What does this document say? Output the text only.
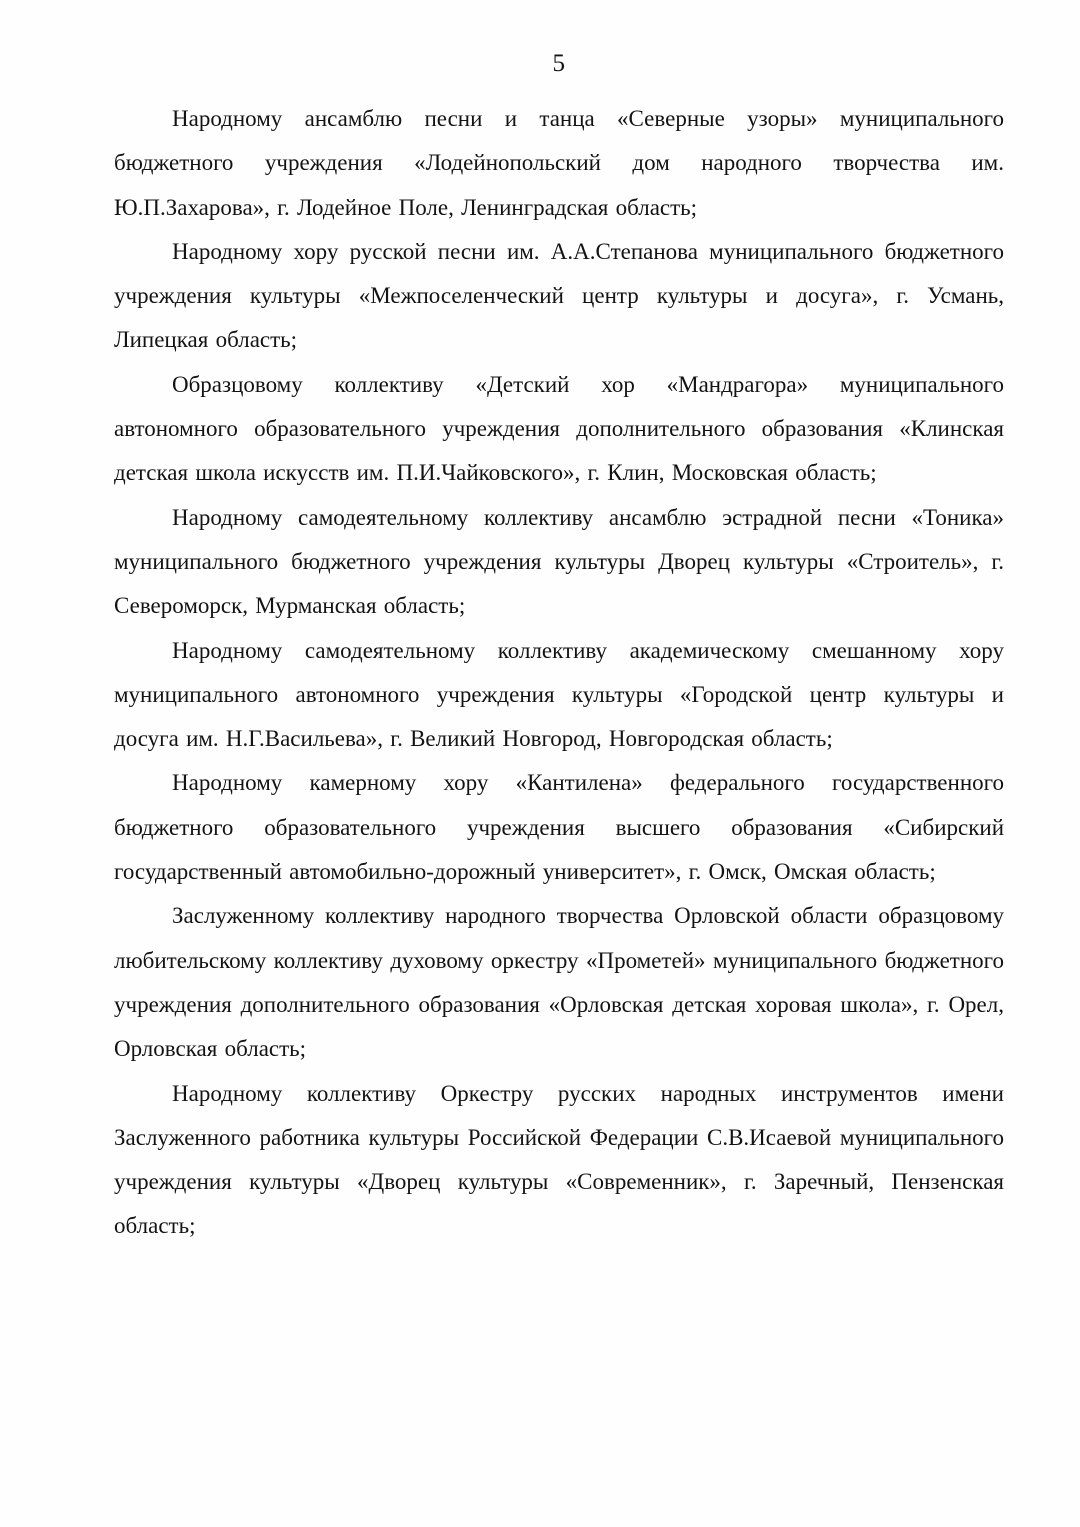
5

Народному ансамблю песни и танца «Северные узоры» муниципального бюджетного учреждения «Лодейнопольский дом народного творчества им. Ю.П.Захарова», г. Лодейное Поле, Ленинградская область;

Народному хору русской песни им. А.А.Степанова муниципального бюджетного учреждения культуры «Межпоселенческий центр культуры и досуга», г. Усмань, Липецкая область;

Образцовому коллективу «Детский хор «Мандрагора» муниципального автономного образовательного учреждения дополнительного образования «Клинская детская школа искусств им. П.И.Чайковского», г. Клин, Московская область;

Народному самодеятельному коллективу ансамблю эстрадной песни «Тоника» муниципального бюджетного учреждения культуры Дворец культуры «Строитель», г. Североморск, Мурманская область;

Народному самодеятельному коллективу академическому смешанному хору муниципального автономного учреждения культуры «Городской центр культуры и досуга им. Н.Г.Васильева», г. Великий Новгород, Новгородская область;

Народному камерному хору «Кантилена» федерального государственного бюджетного образовательного учреждения высшего образования «Сибирский государственный автомобильно-дорожный университет», г. Омск, Омская область;

Заслуженному коллективу народного творчества Орловской области образцовому любительскому коллективу духовому оркестру «Прометей» муниципального бюджетного учреждения дополнительного образования «Орловская детская хоровая школа», г. Орел, Орловская область;

Народному коллективу Оркестру русских народных инструментов имени Заслуженного работника культуры Российской Федерации С.В.Исаевой муниципального учреждения культуры «Дворец культуры «Современник», г. Заречный, Пензенская область;
